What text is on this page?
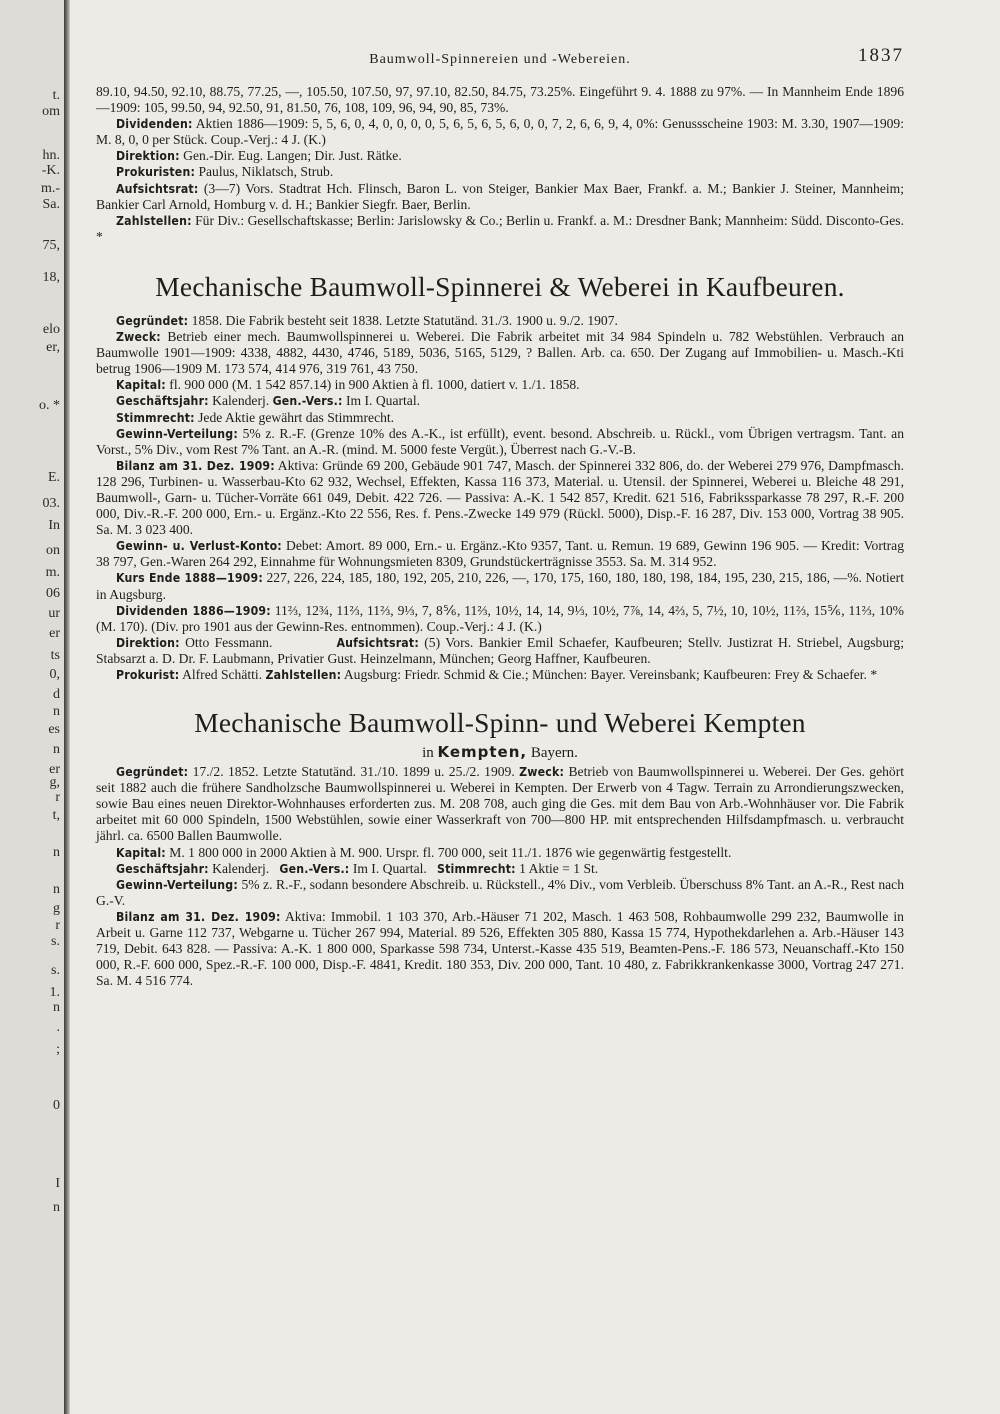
t.
om
hn.
-K.
m.-
Sa.
75,
18,
elo
er,
o. *
E.
03.
In
on
m.
06
ur
er
ts
0,
d
n
es
n
er
g,
r
t,
n
n
g
r
s.
s.
1.
n
.
;
0
I
n
Baumwoll-Spinnereien und -Webereien.	1837

89.10, 94.50, 92.10, 88.75, 77.25, —, 105.50, 107.50, 97, 97.10, 82.50, 84.75, 73.25%. Eingeführt 9. 4. 1888 zu 97%. — In Mannheim Ende 1896—1909: 105, 99.50, 94, 92.50, 91, 81.50, 76, 108, 109, 96, 94, 90, 85, 73%.

Dividenden: Aktien 1886—1909: 5, 5, 6, 0, 4, 0, 0, 0, 0, 5, 6, 5, 6, 5, 6, 0, 0, 7, 2, 6, 6, 9, 4, 0%: Genussscheine 1903: M. 3.30, 1907—1909: M. 8, 0, 0 per Stück. Coup.-Verj.: 4 J. (K.)

Direktion: Gen.-Dir. Eug. Langen; Dir. Just. Rätke.

Prokuristen: Paulus, Niklatsch, Strub.

Aufsichtsrat: (3—7) Vors. Stadtrat Hch. Flinsch, Baron L. von Steiger, Bankier Max Baer, Frankf. a. M.; Bankier J. Steiner, Mannheim; Bankier Carl Arnold, Homburg v. d. H.; Bankier Siegfr. Baer, Berlin.

Zahlstellen: Für Div.: Gesellschaftskasse; Berlin: Jarislowsky & Co.; Berlin u. Frankf. a. M.: Dresdner Bank; Mannheim: Südd. Disconto-Ges. *

Mechanische Baumwoll-Spinnerei & Weberei in Kaufbeuren.

Gegründet: 1858. Die Fabrik besteht seit 1838. Letzte Statutänd. 31./3. 1900 u. 9./2. 1907.

Zweck: Betrieb einer mech. Baumwollspinnerei u. Weberei. Die Fabrik arbeitet mit 34 984 Spindeln u. 782 Webstühlen. Verbrauch an Baumwolle 1901—1909: 4338, 4882, 4430, 4746, 5189, 5036, 5165, 5129, ? Ballen. Arb. ca. 650. Der Zugang auf Immobilien- u. Masch.-Kti betrug 1906—1909 M. 173 574, 414 976, 319 761, 43 750.

Kapital: fl. 900 000 (M. 1 542 857.14) in 900 Aktien à fl. 1000, datiert v. 1./1. 1858.

Geschäftsjahr: Kalenderj. Gen.-Vers.: Im I. Quartal.

Stimmrecht: Jede Aktie gewährt das Stimmrecht.

Gewinn-Verteilung: 5% z. R.-F. (Grenze 10% des A.-K., ist erfüllt), event. besond. Abschreib. u. Rückl., vom Übrigen vertragsm. Tant. an Vorst., 5% Div., vom Rest 7% Tant. an A.-R. (mind. M. 5000 feste Vergüt.), Überrest nach G.-V.-B.

Bilanz am 31. Dez. 1909: Aktiva: Gründe 69 200, Gebäude 901 747, Masch. der Spinnerei 332 806, do. der Weberei 279 976, Dampfmasch. 128 296, Turbinen- u. Wasserbau-Kto 62 932, Wechsel, Effekten, Kassa 116 373, Material. u. Utensil. der Spinnerei, Weberei u. Bleiche 48 291, Baumwoll-, Garn- u. Tücher-Vorräte 661 049, Debit. 422 726. — Passiva: A.-K. 1 542 857, Kredit. 621 516, Fabrikssparkasse 78 297, R.-F. 200 000, Div.-R.-F. 200 000, Ern.- u. Ergänz.-Kto 22 556, Res. f. Pens.-Zwecke 149 979 (Rückl. 5000), Disp.-F. 16 287, Div. 153 000, Vortrag 38 905. Sa. M. 3 023 400.

Gewinn- u. Verlust-Konto: Debet: Amort. 89 000, Ern.- u. Ergänz.-Kto 9357, Tant. u. Remun. 19 689, Gewinn 196 905. — Kredit: Vortrag 38 797, Gen.-Waren 264 292, Einnahme für Wohnungsmieten 8309, Grundstückerträgnisse 3553. Sa. M. 314 952.

Kurs Ende 1888—1909: 227, 226, 224, 185, 180, 192, 205, 210, 226, —, 170, 175, 160, 180, 180, 198, 184, 195, 230, 215, 186, —%. Notiert in Augsburg.

Dividenden 1886—1909: 11⅔, 12¾, 11⅔, 11⅔, 9⅓, 7, 8⅚, 11⅔, 10½, 14, 14, 9⅓, 10½, 7⅞, 14, 4⅔, 5, 7½, 10, 10½, 11⅔, 15⅚, 11⅔, 10% (M. 170). (Div. pro 1901 aus der Gewinn-Res. entnommen). Coup.-Verj.: 4 J. (K.)

Direktion: Otto Fessmann.	Aufsichtsrat: (5) Vors. Bankier Emil Schaefer, Kaufbeuren; Stellv. Justizrat H. Striebel, Augsburg; Stabsarzt a. D. Dr. F. Laubmann, Privatier Gust. Heinzelmann, München; Georg Haffner, Kaufbeuren.

Prokurist: Alfred Schätti. Zahlstellen: Augsburg: Friedr. Schmid & Cie.; München: Bayer. Vereinsbank; Kaufbeuren: Frey & Schaefer. *

Mechanische Baumwoll-Spinn- und Weberei Kempten
in Kempten, Bayern.

Gegründet: 17./2. 1852. Letzte Statutänd. 31./10. 1899 u. 25./2. 1909. Zweck: Betrieb von Baumwollspinnerei u. Weberei. Der Ges. gehört seit 1882 auch die frühere Sandholzsche Baumwollspinnerei u. Weberei in Kempten. Der Erwerb von 4 Tagw. Terrain zu Arrondierungszwecken, sowie Bau eines neuen Direktor-Wohnhauses erforderten zus. M. 208 708, auch ging die Ges. mit dem Bau von Arb.-Wohnhäuser vor. Die Fabrik arbeitet mit 60 000 Spindeln, 1500 Webstühlen, sowie einer Wasserkraft von 700—800 HP. mit entsprechenden Hilfsdampfmasch. u. verbraucht jährl. ca. 6500 Ballen Baumwolle.

Kapital: M. 1 800 000 in 2000 Aktien à M. 900. Urspr. fl. 700 000, seit 11./1. 1876 wie gegenwärtig festgestellt.

Geschäftsjahr: Kalenderj. Gen.-Vers.: Im I. Quartal. Stimmrecht: 1 Aktie = 1 St.

Gewinn-Verteilung: 5% z. R.-F., sodann besondere Abschreib. u. Rückstell., 4% Div., vom Verbleib. Überschuss 8% Tant. an A.-R., Rest nach G.-V.

Bilanz am 31. Dez. 1909: Aktiva: Immobil. 1 103 370, Arb.-Häuser 71 202, Masch. 1 463 508, Rohbaumwolle 299 232, Baumwolle in Arbeit u. Garne 112 737, Webgarne u. Tücher 267 994, Material. 89 526, Effekten 305 880, Kassa 15 774, Hypothekdarlehen a. Arb.-Häuser 143 719, Debit. 643 828. — Passiva: A.-K. 1 800 000, Sparkasse 598 734, Unterst.-Kasse 435 519, Beamten-Pens.-F. 186 573, Neuanschaff.-Kto 150 000, R.-F. 600 000, Spez.-R.-F. 100 000, Disp.-F. 4841, Kredit. 180 353, Div. 200 000, Tant. 10 480, z. Fabrikkrankenkasse 3000, Vortrag 247 271. Sa. M. 4 516 774.
